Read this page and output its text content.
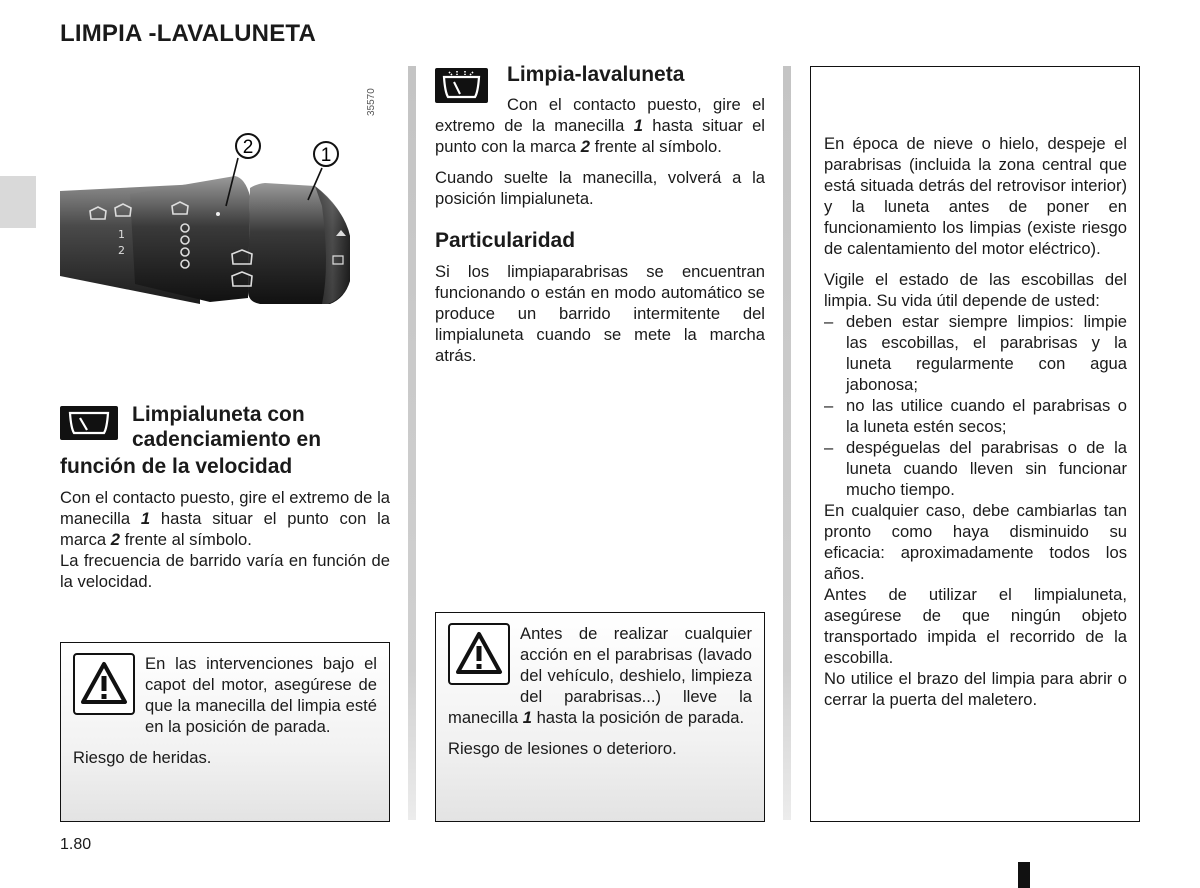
LIMPIA -LAVALUNETA
1
2
2	1
35570
Limpialuneta con
cadenciamiento en
función de la velocidad

Con el contacto puesto, gire el extremo de la manecilla 1 hasta situar el punto con la marca 2 frente al símbolo.
La frecuencia de barrido varía en función de la velocidad.

Limpia-lavaluneta

Con el contacto puesto, gire el extremo de la manecilla 1 hasta situar el punto con la marca 2 frente al símbolo.

Cuando suelte la manecilla, volverá a la posición limpialuneta.

Particularidad

Si los limpiaparabrisas se encuentran funcionando o están en modo automático se produce un barrido intermitente del limpialuneta cuando se mete la marcha atrás.

En las intervenciones bajo el capot del motor, asegúrese de que la manecilla del limpia esté en la posición de parada.

Riesgo de heridas.

Antes de realizar cualquier acción en el parabrisas (lavado del vehículo, deshielo, limpieza del parabrisas...) lleve la manecilla 1 hasta la posición de parada.

Riesgo de lesiones o deterioro.

En época de nieve o hielo, despeje el parabrisas (incluida la zona central que está situada detrás del retrovisor interior) y la luneta antes de poner en funcionamiento los limpias (existe riesgo de calentamiento del motor eléctrico).

Vigile el estado de las escobillas del limpia. Su vida útil depende de usted:

– deben estar siempre limpios: limpie las escobillas, el parabrisas y la luneta regularmente con agua jabonosa;
– no las utilice cuando el parabrisas o la luneta estén secos;
– despéguelas del parabrisas o de la luneta cuando lleven sin funcionar mucho tiempo.

En cualquier caso, debe cambiarlas tan pronto como haya disminuido su eficacia: aproximadamente todos los años.

Antes de utilizar el limpialuneta, asegúrese de que ningún objeto transportado impida el recorrido de la escobilla.

No utilice el brazo del limpia para abrir o cerrar la puerta del maletero.

1.80
